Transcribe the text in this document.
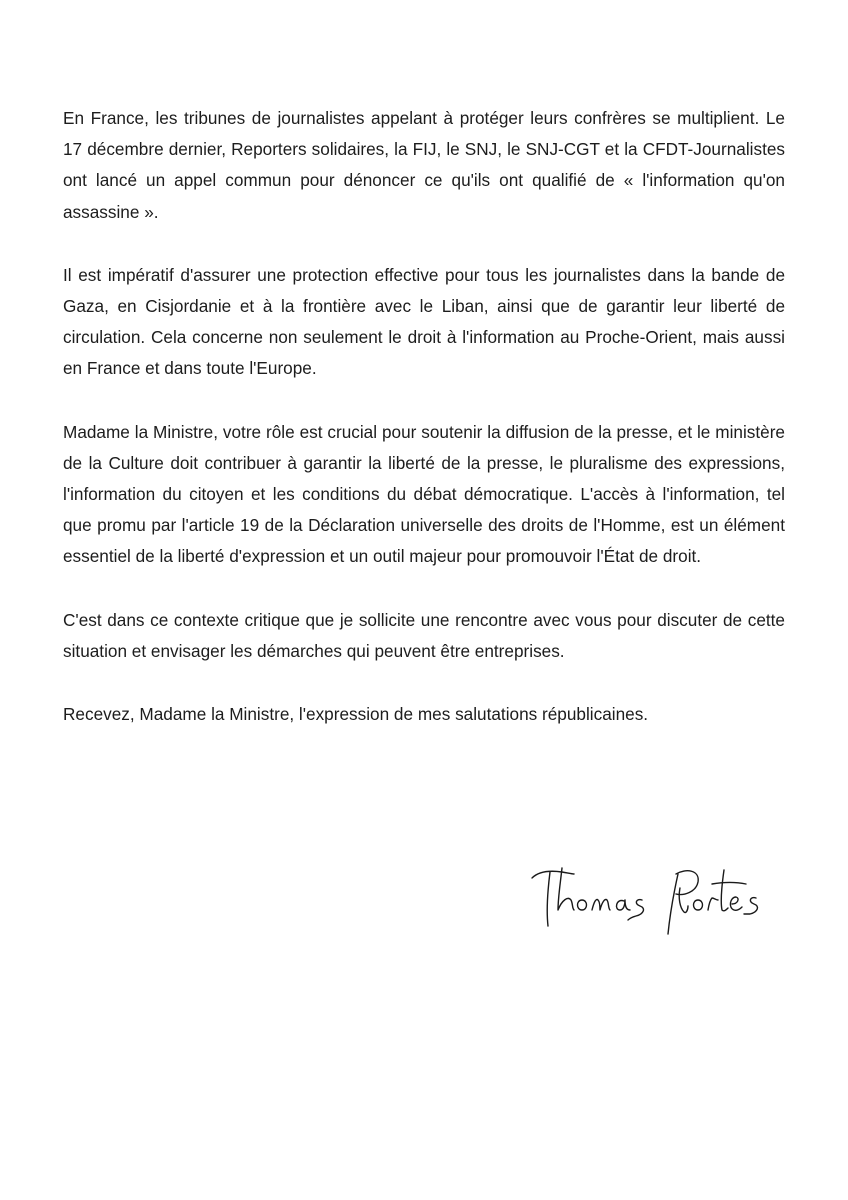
En France, les tribunes de journalistes appelant à protéger leurs confrères se multiplient. Le 17 décembre dernier, Reporters solidaires, la FIJ, le SNJ, le SNJ-CGT et la CFDT-Journalistes ont lancé un appel commun pour dénoncer ce qu'ils ont qualifié de « l'information qu'on assassine ».

Il est impératif d'assurer une protection effective pour tous les journalistes dans la bande de Gaza, en Cisjordanie et à la frontière avec le Liban, ainsi que de garantir leur liberté de circulation. Cela concerne non seulement le droit à l'information au Proche-Orient, mais aussi en France et dans toute l'Europe.

Madame la Ministre, votre rôle est crucial pour soutenir la diffusion de la presse, et le ministère de la Culture doit contribuer à garantir la liberté de la presse, le pluralisme des expressions, l'information du citoyen et les conditions du débat démocratique. L'accès à l'information, tel que promu par l'article 19 de la Déclaration universelle des droits de l'Homme, est un élément essentiel de la liberté d'expression et un outil majeur pour promouvoir l'État de droit.

C'est dans ce contexte critique que je sollicite une rencontre avec vous pour discuter de cette situation et envisager les démarches qui peuvent être entreprises.

Recevez, Madame la Ministre, l'expression de mes salutations républicaines.
